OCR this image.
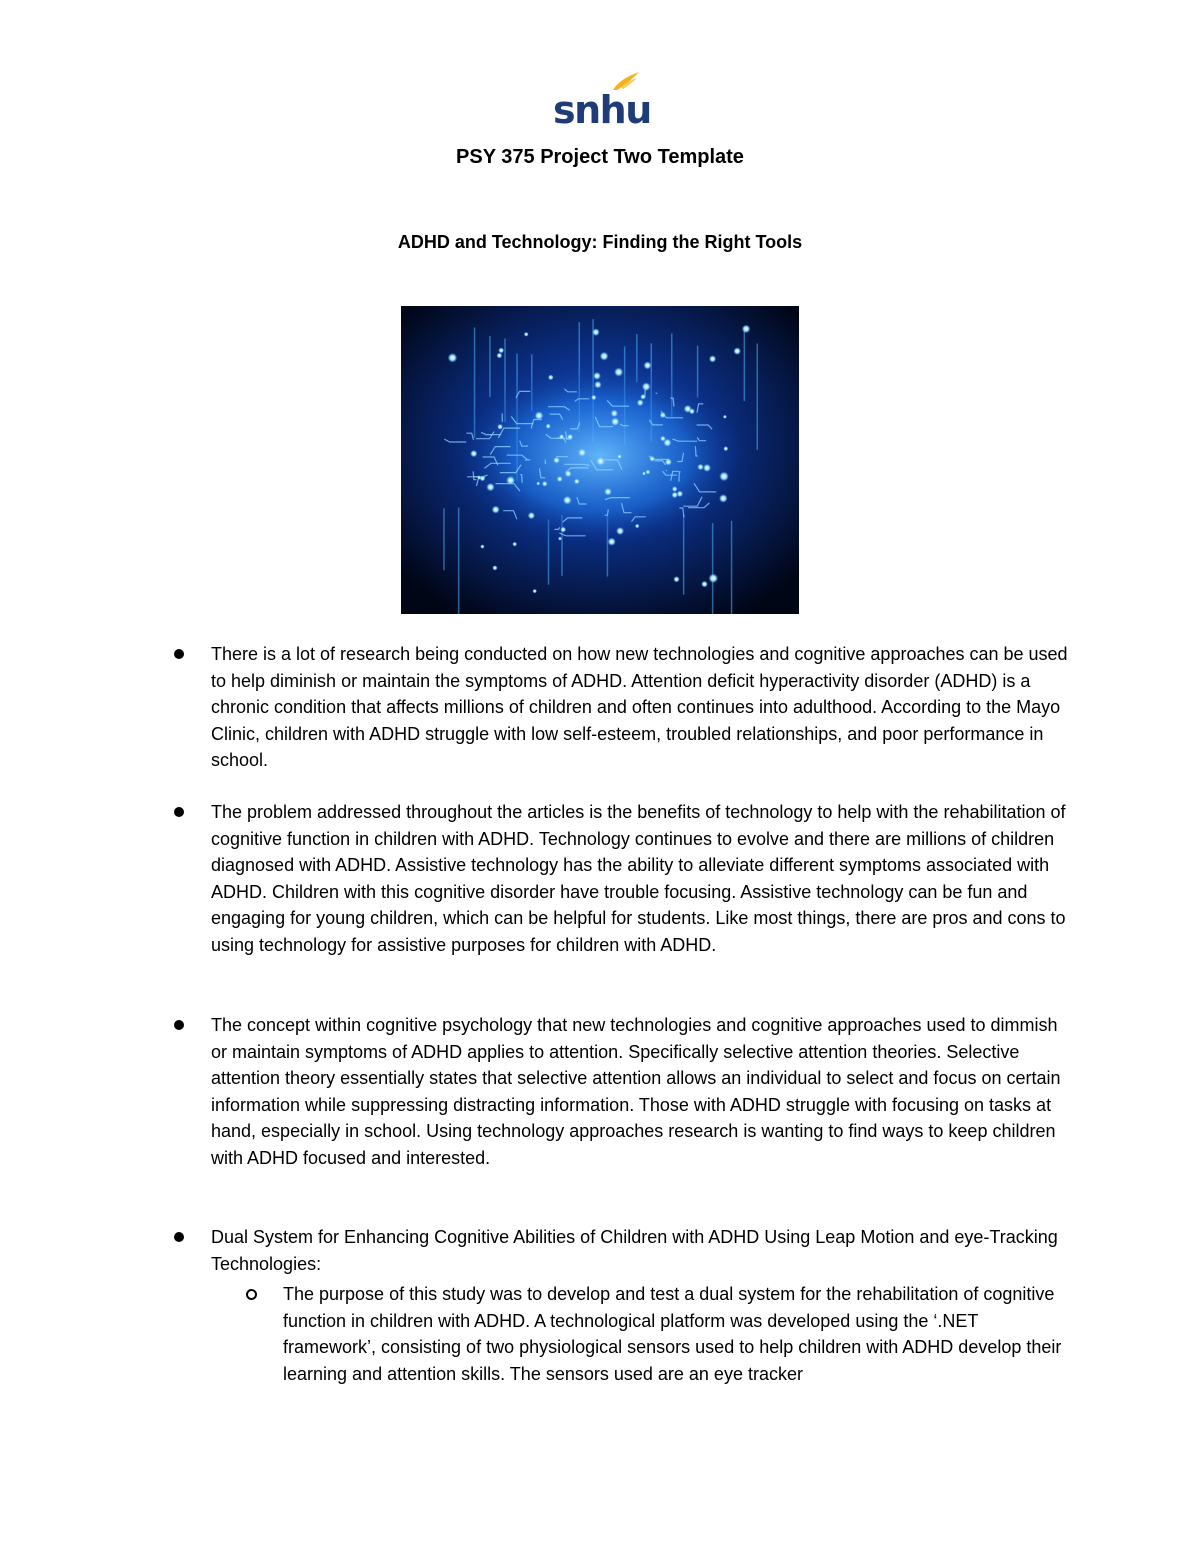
snhu
PSY 375 Project Two Template
ADHD and Technology: Finding the Right Tools
There is a lot of research being conducted on how new technologies and cognitive approaches can be used to help diminish or maintain the symptoms of ADHD. Attention deficit hyperactivity disorder (ADHD) is a chronic condition that affects millions of children and often continues into adulthood. According to the Mayo Clinic, children with ADHD struggle with low self-esteem, troubled relationships, and poor performance in school.
The problem addressed throughout the articles is the benefits of technology to help with the rehabilitation of cognitive function in children with ADHD. Technology continues to evolve and there are millions of children diagnosed with ADHD. Assistive technology has the ability to alleviate different symptoms associated with ADHD. Children with this cognitive disorder have trouble focusing. Assistive technology can be fun and engaging for young children, which can be helpful for students. Like most things, there are pros and cons to using technology for assistive purposes for children with ADHD.
The concept within cognitive psychology that new technologies and cognitive approaches used to dimmish or maintain symptoms of ADHD applies to attention. Specifically selective attention theories. Selective attention theory essentially states that selective attention allows an individual to select and focus on certain information while suppressing distracting information. Those with ADHD struggle with focusing on tasks at hand, especially in school. Using technology approaches research is wanting to find ways to keep children with ADHD focused and interested.
Dual System for Enhancing Cognitive Abilities of Children with ADHD Using Leap Motion and eye-Tracking Technologies:
The purpose of this study was to develop and test a dual system for the rehabilitation of cognitive function in children with ADHD. A technological platform was developed using the ‘.NET framework’, consisting of two physiological sensors used to help children with ADHD develop their learning and attention skills. The sensors used are an eye tracker
